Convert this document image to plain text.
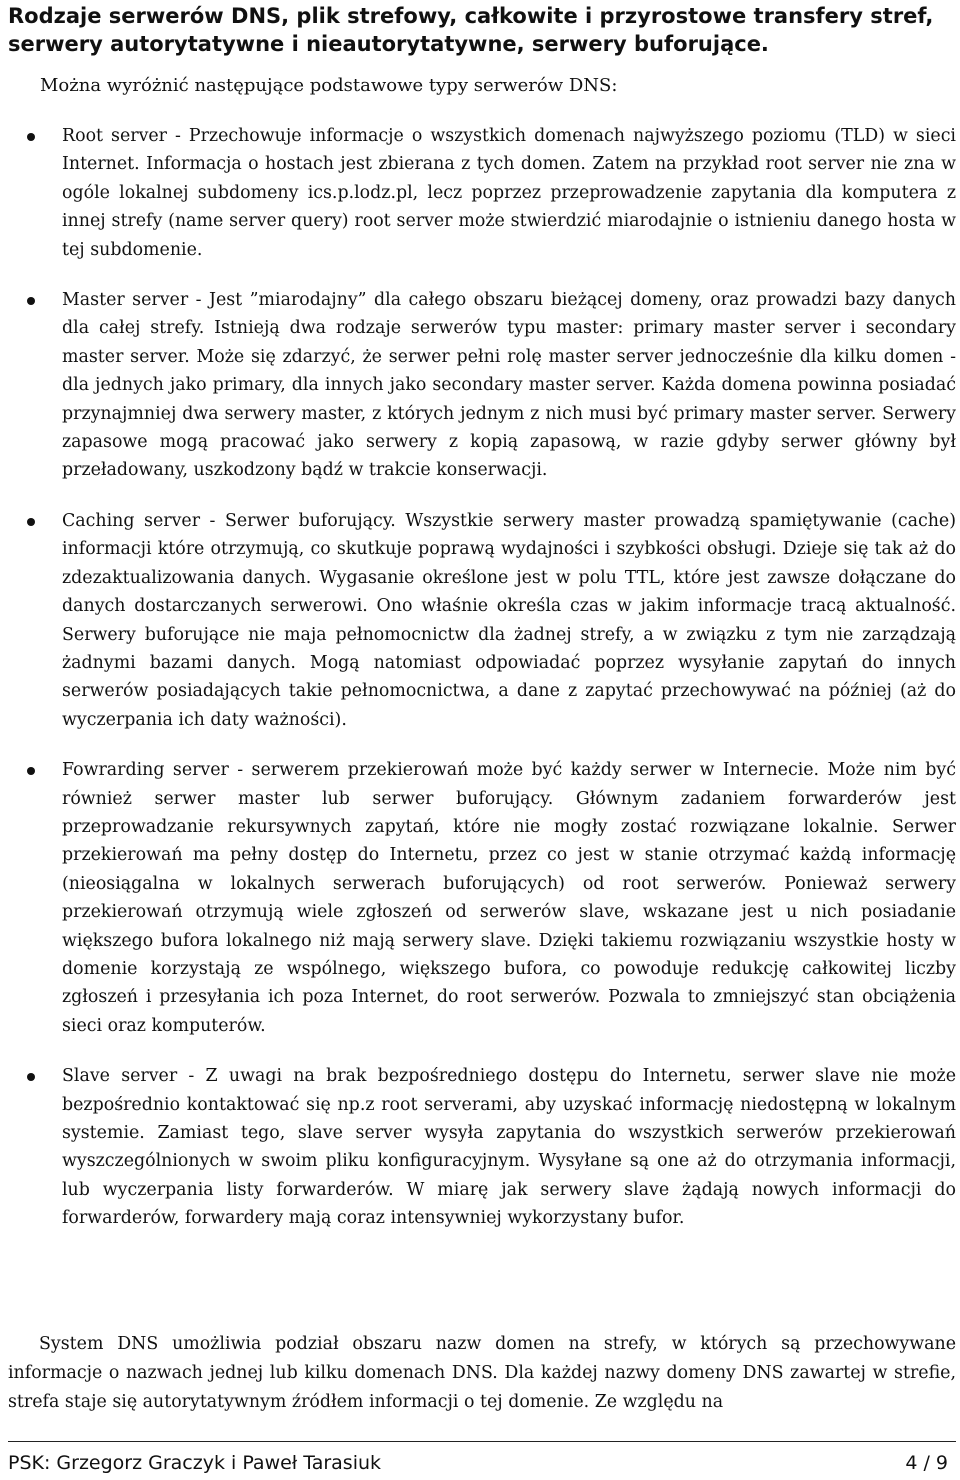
Rodzaje serwerów DNS, plik strefowy, całkowite i przyrostowe transfery stref, serwery autorytatywne i nieautorytatywne, serwery buforujące.

Można wyróżnić następujące podstawowe typy serwerów DNS:

Root server - Przechowuje informacje o wszystkich domenach najwyższego poziomu (TLD) w sieci Internet. Informacja o hostach jest zbierana z tych domen. Zatem na przykład root server nie zna w ogóle lokalnej subdomeny ics.p.lodz.pl, lecz poprzez przeprowadzenie zapytania dla komputera z innej strefy (name server query) root server może stwierdzić miarodajnie o istnieniu danego hosta w tej subdomenie.
Master server - Jest ”miarodajny” dla całego obszaru bieżącej domeny, oraz prowadzi bazy danych dla całej strefy. Istnieją dwa rodzaje serwerów typu master: primary master server i secondary master server. Może się zdarzyć, że serwer pełni rolę master server jednocześnie dla kilku domen - dla jednych jako primary, dla innych jako secondary master server. Każda domena powinna posiadać przynajmniej dwa serwery master, z których jednym z nich musi być primary master server. Serwery zapasowe mogą pracować jako serwery z kopią zapasową, w razie gdyby serwer główny był przeładowany, uszkodzony bądź w trakcie konserwacji.
Caching server - Serwer buforujący. Wszystkie serwery master prowadzą spamiętywanie (cache) informacji które otrzymują, co skutkuje poprawą wydajności i szybkości obsługi. Dzieje się tak aż do zdezaktualizowania danych. Wygasanie określone jest w polu TTL, które jest zawsze dołączane do danych dostarczanych serwerowi. Ono właśnie określa czas w jakim informacje tracą aktualność. Serwery buforujące nie maja pełnomocnictw dla żadnej strefy, a w związku z tym nie zarządzają żadnymi bazami danych. Mogą natomiast odpowiadać poprzez wysyłanie zapytań do innych serwerów posiadających takie pełnomocnictwa, a dane z zapytać przechowywać na później (aż do wyczerpania ich daty ważności).
Fowrarding server - serwerem przekierowań może być każdy serwer w Internecie. Może nim być również serwer master lub serwer buforujący. Głównym zadaniem forwarderów jest przeprowadzanie rekursywnych zapytań, które nie mogły zostać rozwiązane lokalnie. Serwer przekierowań ma pełny dostęp do Internetu, przez co jest w stanie otrzymać każdą informację (nieosiągalna w lokalnych serwerach buforujących) od root serwerów. Ponieważ serwery przekierowań otrzymują wiele zgłoszeń od serwerów slave, wskazane jest u nich posiadanie większego bufora lokalnego niż mają serwery slave. Dzięki takiemu rozwiązaniu wszystkie hosty w domenie korzystają ze wspólnego, większego bufora, co powoduje redukcję całkowitej liczby zgłoszeń i przesyłania ich poza Internet, do root serwerów. Pozwala to zmniejszyć stan obciążenia sieci oraz komputerów.
Slave server - Z uwagi na brak bezpośredniego dostępu do Internetu, serwer slave nie może bezpośrednio kontaktować się np.z root serverami, aby uzyskać informację niedostępną w lokalnym systemie. Zamiast tego, slave server wysyła zapytania do wszystkich serwerów przekierowań wyszczególnionych w swoim pliku konfiguracyjnym. Wysyłane są one aż do otrzymania informacji, lub wyczerpania listy forwarderów. W miarę jak serwery slave żądają nowych informacji do forwarderów, forwardery mają coraz intensywniej wykorzystany bufor.

System DNS umożliwia podział obszaru nazw domen na strefy, w których są przechowywane informacje o nazwach jednej lub kilku domenach DNS. Dla każdej nazwy domeny DNS zawartej w strefie, strefa staje się autorytatywnym źródłem informacji o tej domenie. Ze względu na

PSK: Grzegorz Graczyk i Paweł Tarasiuk	4 / 9
